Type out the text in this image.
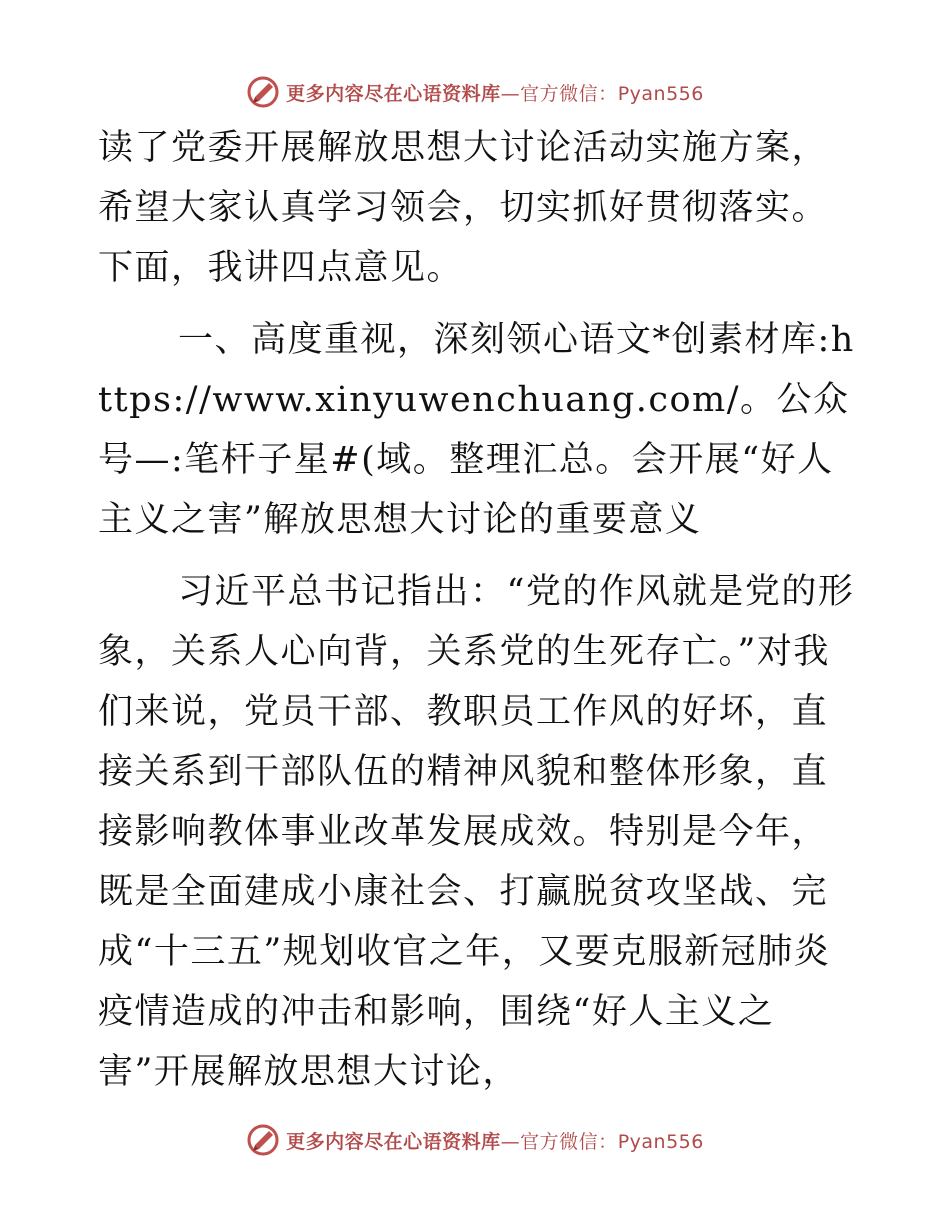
更多内容尽在心语资料库—官方微信：Pyan556

读了党委开展解放思想大讨论活动实施方案，希望大家认真学习领会，切实抓好贯彻落实。下面，我讲四点意见。

一、高度重视，深刻领心语文*创素材库:https://www.xinyuwenchuang.com/。公众号—:笔杆子星#(域。整理汇总。会开展“好人主义之害”解放思想大讨论的重要意义

习近平总书记指出：“党的作风就是党的形象，关系人心向背，关系党的生死存亡。”对我们来说，党员干部、教职员工作风的好坏，直接关系到干部队伍的精神风貌和整体形象，直接影响教体事业改革发展成效。特别是今年，既是全面建成小康社会、打赢脱贫攻坚战、完成“十三五”规划收官之年，又要克服新冠肺炎疫情造成的冲击和影响，围绕“好人主义之害”开展解放思想大讨论，

更多内容尽在心语资料库—官方微信：Pyan556
